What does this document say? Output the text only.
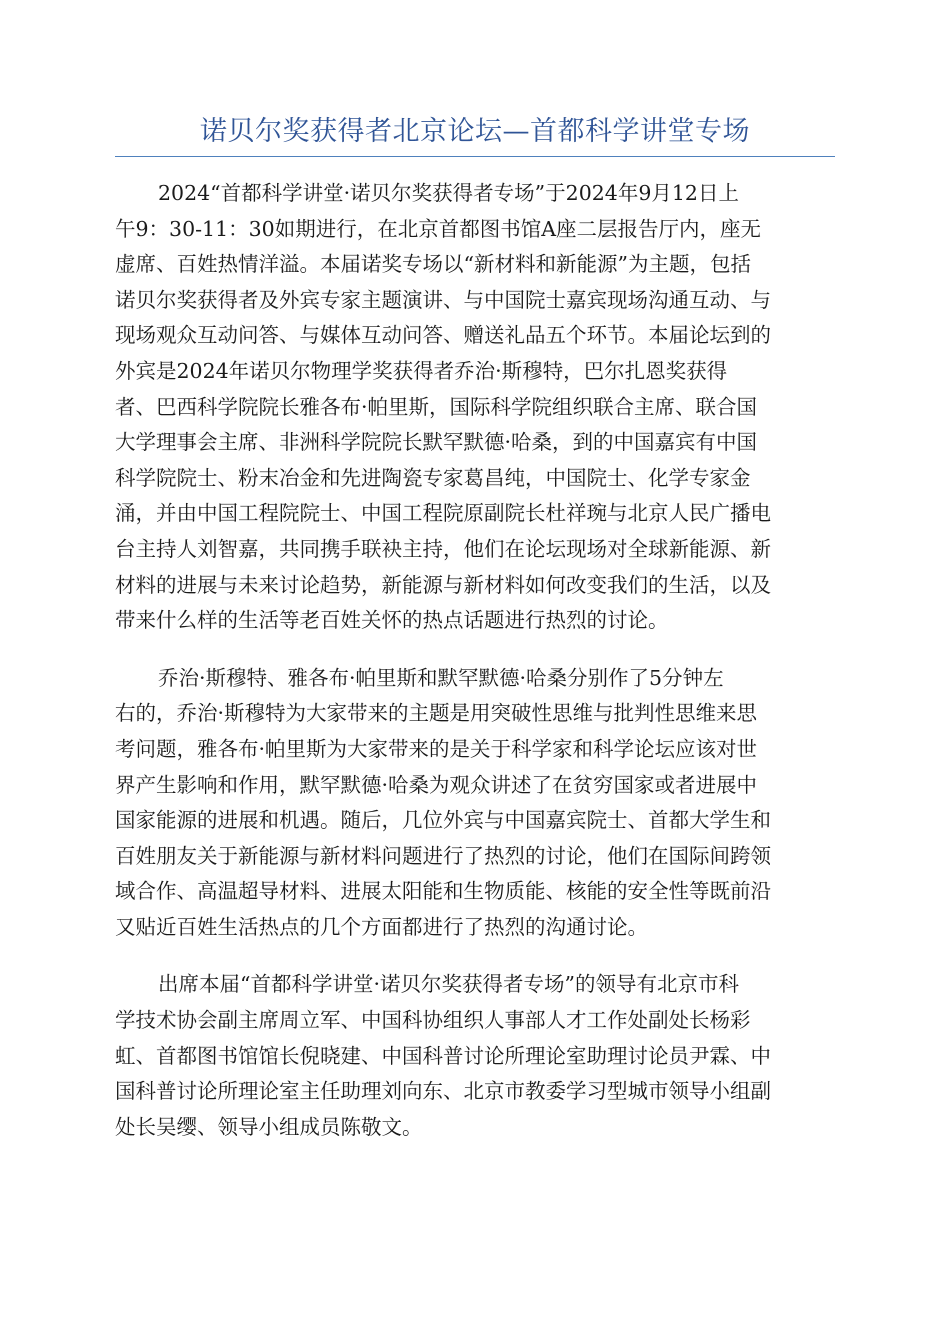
诺贝尔奖获得者北京论坛—首都科学讲堂专场

2024“首都科学讲堂·诺贝尔奖获得者专场”于2024年9月12日上
午9：30-11：30如期进行，在北京首都图书馆A座二层报告厅内，座无
虚席、百姓热情洋溢。本届诺奖专场以“新材料和新能源”为主题，包括
诺贝尔奖获得者及外宾专家主题演讲、与中国院士嘉宾现场沟通互动、与
现场观众互动问答、与媒体互动问答、赠送礼品五个环节。本届论坛到的
外宾是2024年诺贝尔物理学奖获得者乔治·斯穆特，巴尔扎恩奖获得
者、巴西科学院院长雅各布·帕里斯，国际科学院组织联合主席、联合国
大学理事会主席、非洲科学院院长默罕默德·哈桑，到的中国嘉宾有中国
科学院院士、粉末冶金和先进陶瓷专家葛昌纯，中国院士、化学专家金
涌，并由中国工程院院士、中国工程院原副院长杜祥琬与北京人民广播电
台主持人刘智嘉，共同携手联袂主持，他们在论坛现场对全球新能源、新
材料的进展与未来讨论趋势，新能源与新材料如何改变我们的生活，以及
带来什么样的生活等老百姓关怀的热点话题进行热烈的讨论。

乔治·斯穆特、雅各布·帕里斯和默罕默德·哈桑分别作了5分钟左
右的，乔治·斯穆特为大家带来的主题是用突破性思维与批判性思维来思
考问题，雅各布·帕里斯为大家带来的是关于科学家和科学论坛应该对世
界产生影响和作用，默罕默德·哈桑为观众讲述了在贫穷国家或者进展中
国家能源的进展和机遇。随后，几位外宾与中国嘉宾院士、首都大学生和
百姓朋友关于新能源与新材料问题进行了热烈的讨论，他们在国际间跨领
域合作、高温超导材料、进展太阳能和生物质能、核能的安全性等既前沿
又贴近百姓生活热点的几个方面都进行了热烈的沟通讨论。

出席本届“首都科学讲堂·诺贝尔奖获得者专场”的领导有北京市科
学技术协会副主席周立军、中国科协组织人事部人才工作处副处长杨彩
虹、首都图书馆馆长倪晓建、中国科普讨论所理论室助理讨论员尹霖、中
国科普讨论所理论室主任助理刘向东、北京市教委学习型城市领导小组副
处长吴缨、领导小组成员陈敬文。
